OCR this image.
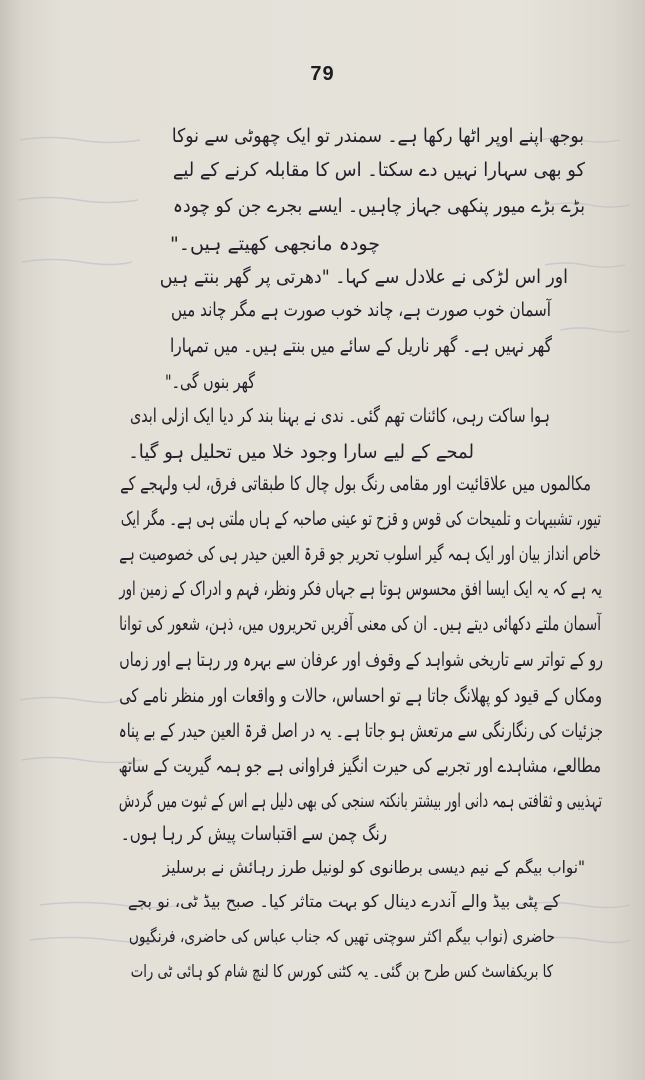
79
بوجھ اپنے اوپر اٹھا رکھا ہے۔ سمندر تو ایک چھوٹی سے نوکا
کو بھی سہارا نہیں دے سکتا۔ اس کا مقابلہ کرنے کے لیے
بڑے بڑے میور پنکھی جہاز چاہیں۔ ایسے بجرے جن کو چودہ
چودہ مانجھی کھیتے ہیں۔"
اور اس لڑکی نے علادل سے کہا۔ "دھرتی پر گھر بنتے ہیں
آسمان خوب صورت ہے، چاند خوب صورت ہے مگر چاند میں
گھر نہیں ہے۔ گھر ناریل کے سائے میں بنتے ہیں۔ میں تمہارا
گھر بنوں گی۔"
ہوا ساکت رہی، کائنات تھم گئی۔ ندی نے بہنا بند کر دیا ایک ازلی ابدی
لمحے کے لیے سارا وجود خلا میں تحلیل ہو گیا۔
مکالموں میں علاقائیت اور مقامی رنگ بول چال کا طبقاتی فرق، لب ولہجے کے
تیور، تشبیہات و تلمیحات کی قوس و قزح تو عینی صاحبہ کے ہاں ملتی ہی ہے۔ مگر ایک
خاص انداز بیان اور ایک ہمہ گیر اسلوب تحریر جو قرۃ العین حیدر ہی کی خصوصیت ہے
یہ ہے کہ یہ ایک ایسا افق محسوس ہوتا ہے جہاں فکر ونظر، فہم و ادراک کے زمین اور
آسمان ملتے دکھائی دیتے ہیں۔ ان کی معنی آفریں تحریروں میں، ذہن، شعور کی توانا
رو کے تواتر سے تاریخی شواہد کے وقوف اور عرفان سے بہرہ ور رہتا ہے اور زماں
ومکاں کے قیود کو پھلانگ جاتا ہے تو احساس، حالات و واقعات اور منظر نامے کی
جزئیات کی رنگارنگی سے مرتعش ہو جاتا ہے۔ یہ در اصل قرۃ العین حیدر کے بے پناہ
مطالعے، مشاہدے اور تجربے کی حیرت انگیز فراوانی ہے جو ہمہ گیریت کے ساتھ
تہذیبی و ثقافتی ہمہ دانی اور بیشتر بانکتہ سنجی کی بھی دلیل ہے اس کے ثبوت میں گردش
رنگ چمن سے اقتباسات پیش کر رہا ہوں۔
"نواب بیگم کے نیم دیسی برطانوی کو لونیل طرز رہائش نے برسلیز
کے پٹی بیڈ والے آندرے دینال کو بہت متاثر کیا۔ صبح بیڈ ٹی، نو بجے
حاضری (نواب بیگم اکثر سوچتی تھیں کہ جناب عباس کی حاضری، فرنگیوں
کا بریکفاسٹ کس طرح بن گئی۔ یہ کٹنی کورس کا لنچ شام کو ہائی ٹی رات
